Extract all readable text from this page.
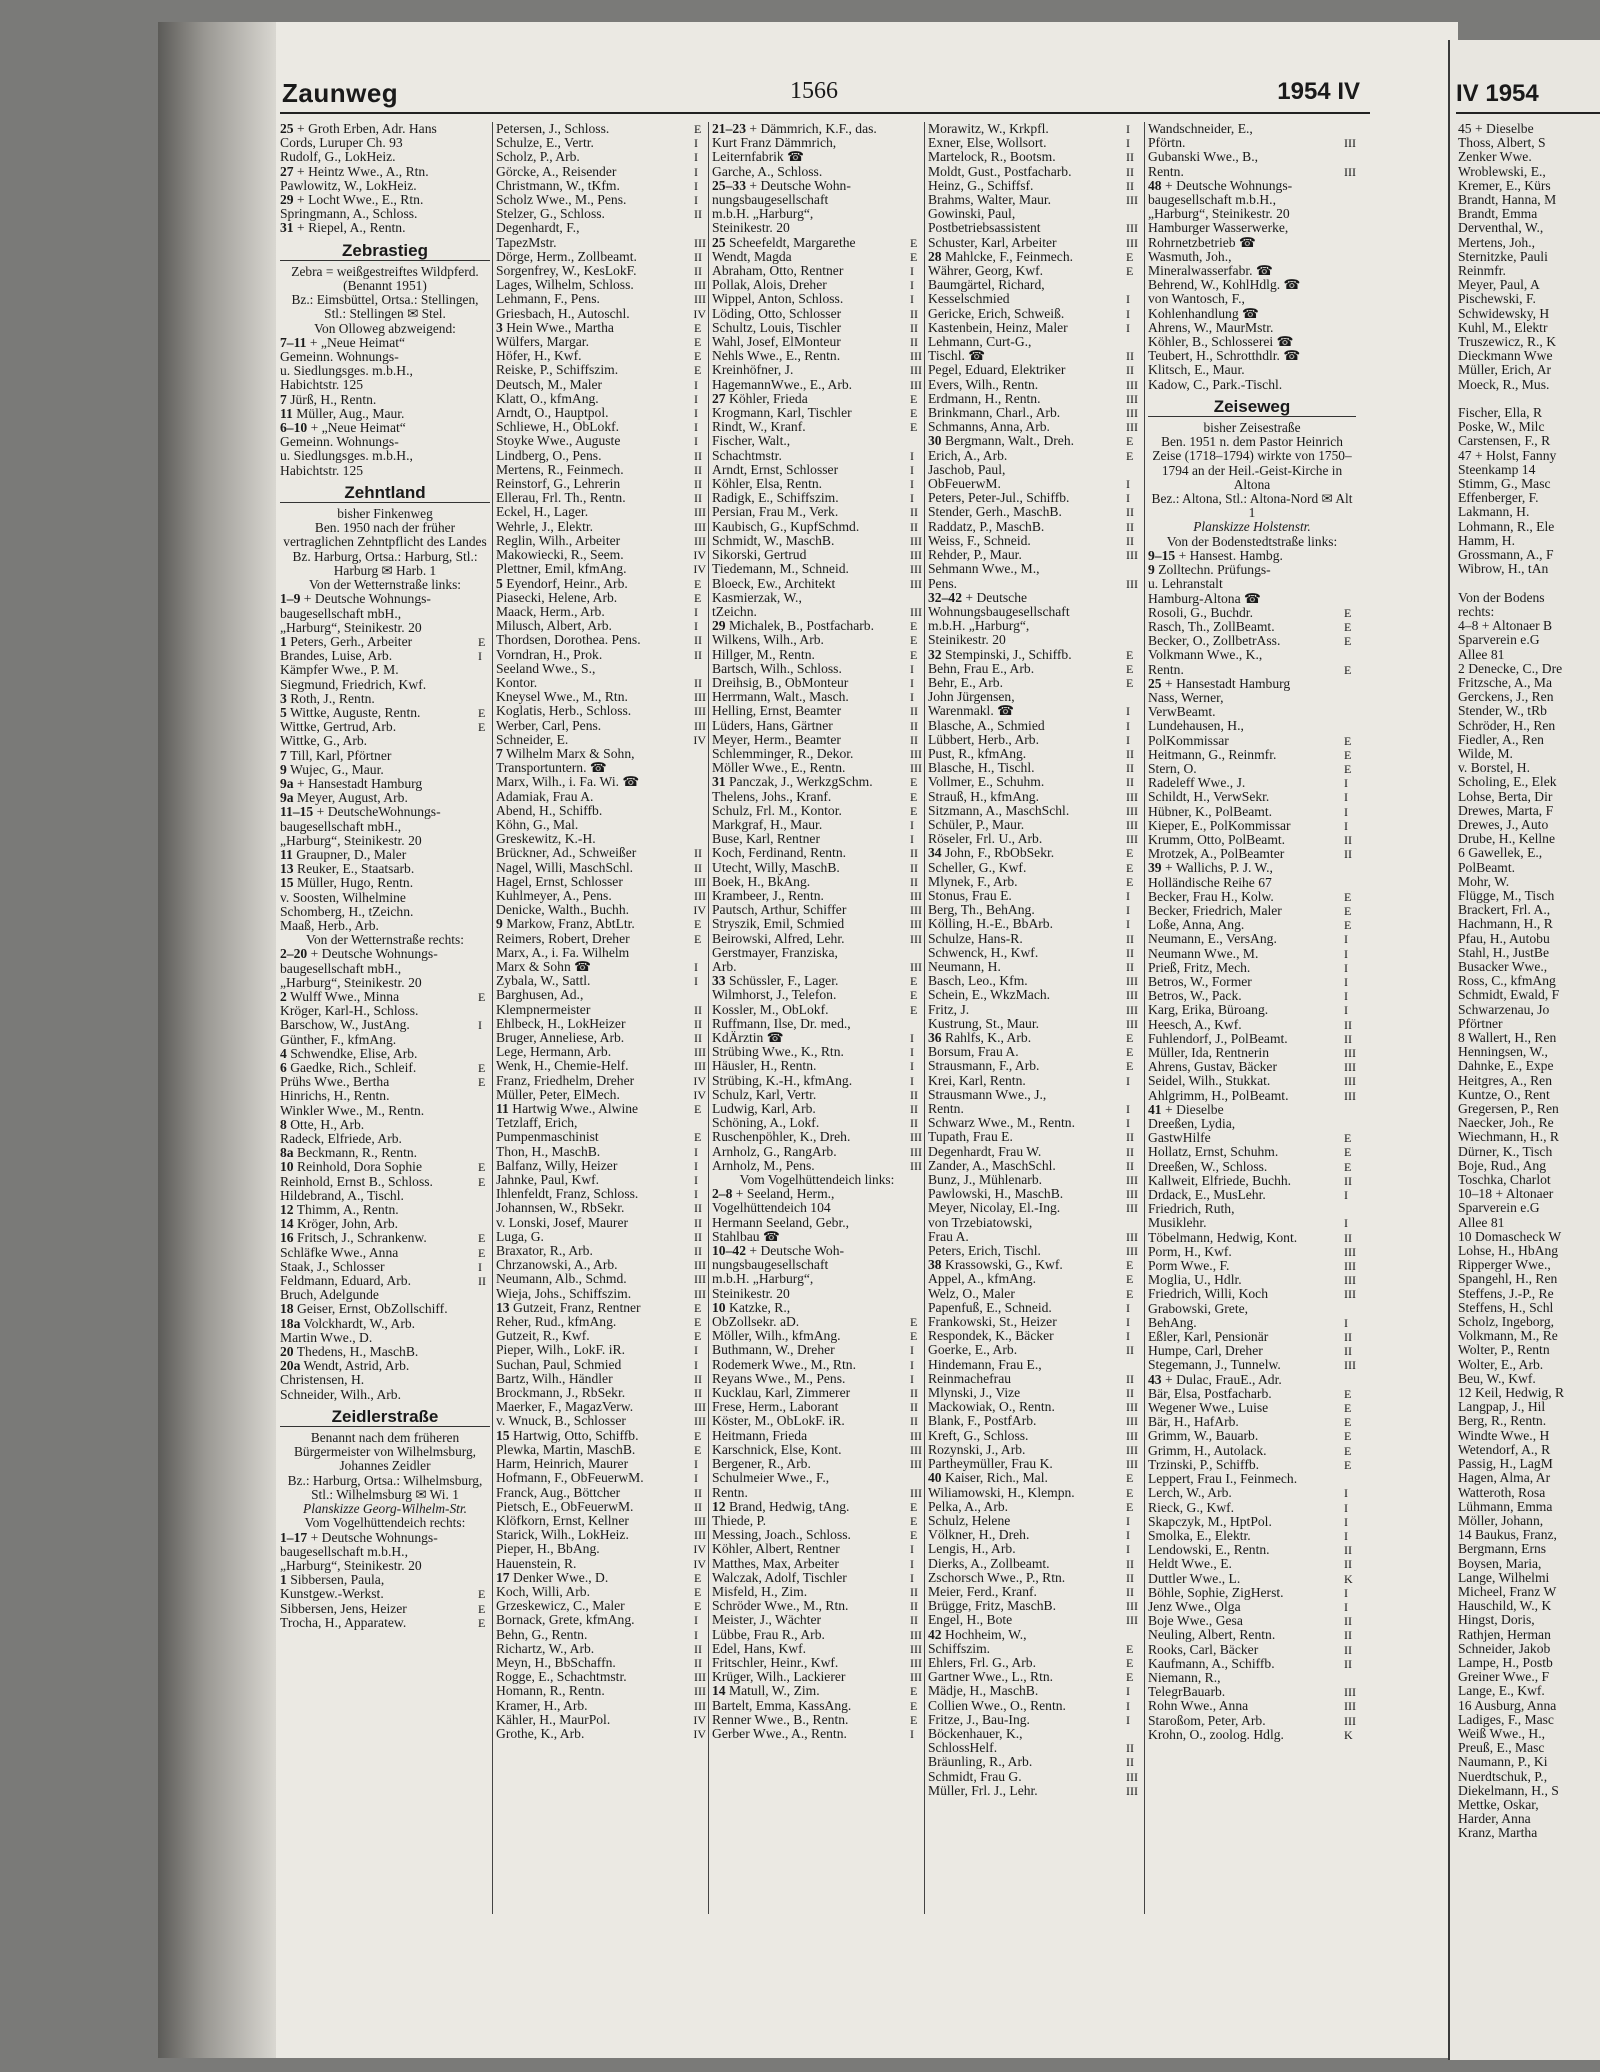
Zaunweg	1566	1954 IV
25 + Groth Erben, Adr. Hans
Cords, Luruper Ch. 93
Rudolf, G., LokHeiz.
27 + Heintz Wwe., A., Rtn.
Pawlowitz, W., LokHeiz.
29 + Locht Wwe., E., Rtn.
Springmann, A., Schloss.
31 + Riepel, A., Rentn.
Zebrastieg
Zebra = weißgestreiftes Wildpferd. (Benannt 1951)
Bz.: Eimsbüttel, Ortsa.: Stellingen, Stl.: Stellingen ✉ Stel.
Von Olloweg abzweigend:
7–11 + „Neue Heimat“
Gemeinn. Wohnungs-
u. Siedlungsges. m.b.H.,
Habichtstr. 125
7 Jürß, H., Rentn.
11 Müller, Aug., Maur.
6–10 + „Neue Heimat“
Gemeinn. Wohnungs-
u. Siedlungsges. m.b.H.,
Habichtstr. 125
Zehntland
bisher Finkenweg
Ben. 1950 nach der früher vertraglichen Zehntpflicht des Landes
Bz. Harburg, Ortsa.: Harburg, Stl.: Harburg ✉ Harb. 1
Von der Wetternstraße links:
1–9 + Deutsche Wohnungs-
baugesellschaft mbH.,
„Harburg“, Steinikestr. 20
1 Peters, Gerh., Arbeiter	E
Brandes, Luise, Arb.	I
Kämpfer Wwe., P. M.
Siegmund, Friedrich, Kwf.
3 Roth, J., Rentn.
5 Wittke, Auguste, Rentn.	E
Wittke, Gertrud, Arb.	E
Wittke, G., Arb.
7 Till, Karl, Pförtner
9 Wujec, G., Maur.
9a + Hansestadt Hamburg
9a Meyer, August, Arb.
11–15 + DeutscheWohnungs-
baugesellschaft mbH.,
„Harburg“, Steinikestr. 20
11 Graupner, D., Maler
13 Reuker, E., Staatsarb.
15 Müller, Hugo, Rentn.
v. Soosten, Wilhelmine
Schomberg, H., tZeichn.
Maaß, Herb., Arb.
Von der Wetternstraße rechts:
2–20 + Deutsche Wohnungs-
baugesellschaft mbH.,
„Harburg“, Steinikestr. 20
2 Wulff Wwe., Minna	E
Kröger, Karl-H., Schloss.
Barschow, W., JustAng.	I
Günther, F., kfmAng.
4 Schwendke, Elise, Arb.
6 Gaedke, Rich., Schleif.	E
Prühs Wwe., Bertha	E
Hinrichs, H., Rentn.
Winkler Wwe., M., Rentn.
8 Otte, H., Arb.
Radeck, Elfriede, Arb.
8a Beckmann, R., Rentn.
10 Reinhold, Dora Sophie	E
Reinhold, Ernst B., Schloss.	E
Hildebrand, A., Tischl.
12 Thimm, A., Rentn.
14 Kröger, John, Arb.
16 Fritsch, J., Schrankenw.	E
Schläfke Wwe., Anna	E
Staak, J., Schlosser	I
Feldmann, Eduard, Arb.	II
Bruch, Adelgunde
18 Geiser, Ernst, ObZollschiff.
18a Volckhardt, W., Arb.
Martin Wwe., D.
20 Thedens, H., MaschB.
20a Wendt, Astrid, Arb.
Christensen, H.
Schneider, Wilh., Arb.
Zeidlerstraße
Benannt nach dem früheren Bürgermeister von Wilhelmsburg, Johannes Zeidler
Bz.: Harburg, Ortsa.: Wilhelmsburg, Stl.: Wilhelmsburg ✉ Wi. 1
Planskizze Georg-Wilhelm-Str.
Vom Vogelhüttendeich rechts:
1–17 + Deutsche Wohnungs-
baugesellschaft m.b.H.,
„Harburg“, Steinikestr. 20
1 Sibbersen, Paula,
Kunstgew.-Werkst.	E
Sibbersen, Jens, Heizer	E
Trocha, H., Apparatew.	E
Petersen, J., Schloss.	E
Schulze, E., Vertr.	I
Scholz, P., Arb.	I
Görcke, A., Reisender	I
Christmann, W., tKfm.	I
Scholz Wwe., M., Pens.	I
Stelzer, G., Schloss.	II
Degenhardt, F.,
TapezMstr.	III
Dörge, Herm., Zollbeamt.	II
Sorgenfrey, W., KesLokF.	II
Lages, Wilhelm, Schloss.	III
Lehmann, F., Pens.	III
Griesbach, H., Autoschl.	IV
3 Hein Wwe., Martha	E
Wülfers, Margar.	E
Höfer, H., Kwf.	E
Reiske, P., Schiffszim.	E
Deutsch, M., Maler	I
Klatt, O., kfmAng.	I
Arndt, O., Hauptpol.	I
Schliewe, H., ObLokf.	I
Stoyke Wwe., Auguste	I
Lindberg, O., Pens.	II
Mertens, R., Feinmech.	II
Reinstorf, G., Lehrerin	II
Ellerau, Frl. Th., Rentn.	II
Eckel, H., Lager.	III
Wehrle, J., Elektr.	III
Reglin, Wilh., Arbeiter	III
Makowiecki, R., Seem.	IV
Plettner, Emil, kfmAng.	IV
5 Eyendorf, Heinr., Arb.	E
Piasecki, Helene, Arb.	E
Maack, Herm., Arb.	I
Milusch, Albert, Arb.	I
Thordsen, Dorothea. Pens.	II
Vorndran, H., Prok.	II
Seeland Wwe., S.,
Kontor.	II
Kneysel Wwe., M., Rtn.	III
Koglatis, Herb., Schloss.	III
Werber, Carl, Pens.	III
Schneider, E.	IV
7 Wilhelm Marx & Sohn,
Transportuntern. ☎
Marx, Wilh., i. Fa. Wi. ☎
Adamiak, Frau A.
Abend, H., Schiffb.
Köhn, G., Mal.
Greskewitz, K.-H.
Brückner, Ad., Schweißer	II
Nagel, Willi, MaschSchl.	II
Hagel, Ernst, Schlosser	III
Kuhlmeyer, A., Pens.	III
Denicke, Walth., Buchh.	IV
9 Markow, Franz, AbtLtr.	E
Reimers, Robert, Dreher	E
Marx, A., i. Fa. Wilhelm
Marx & Sohn ☎	I
Zybala, W., Sattl.	I
Barghusen, Ad.,
Klempnermeister	II
Ehlbeck, H., LokHeizer	II
Bruger, Anneliese, Arb.	II
Lege, Hermann, Arb.	III
Wenk, H., Chemie-Helf.	III
Franz, Friedhelm, Dreher	IV
Müller, Peter, ElMech.	IV
11 Hartwig Wwe., Alwine	E
Tetzlaff, Erich,
Pumpenmaschinist	E
Thon, H., MaschB.	I
Balfanz, Willy, Heizer	I
Jahnke, Paul, Kwf.	I
Ihlenfeldt, Franz, Schloss.	I
Johannsen, W., RbSekr.	II
v. Lonski, Josef, Maurer	II
Luga, G.	II
Braxator, R., Arb.	II
Chrzanowski, A., Arb.	III
Neumann, Alb., Schmd.	III
Wieja, Johs., Schiffszim.	III
13 Gutzeit, Franz, Rentner	E
Reher, Rud., kfmAng.	E
Gutzeit, R., Kwf.	E
Pieper, Wilh., LokF. iR.	I
Suchan, Paul, Schmied	I
Bartz, Wilh., Händler	II
Brockmann, J., RbSekr.	II
Maerker, F., MagazVerw.	III
v. Wnuck, B., Schlosser	III
15 Hartwig, Otto, Schiffb.	E
Plewka, Martin, MaschB.	E
Harm, Heinrich, Maurer	I
Hofmann, F., ObFeuerwM.	I
Franck, Aug., Böttcher	II
Pietsch, E., ObFeuerwM.	II
Klöfkorn, Ernst, Kellner	III
Starick, Wilh., LokHeiz.	III
Pieper, H., BbAng.	IV
Hauenstein, R.	IV
17 Denker Wwe., D.	E
Koch, Willi, Arb.	E
Grzeskewicz, C., Maler	E
Bornack, Grete, kfmAng.	I
Behn, G., Rentn.	I
Richartz, W., Arb.	II
Meyn, H., BbSchaffn.	II
Rogge, E., Schachtmstr.	III
Homann, R., Rentn.	III
Kramer, H., Arb.	III
Kähler, H., MaurPol.	IV
Grothe, K., Arb.	IV
21–23 + Dämmrich, K.F., das.
Kurt Franz Dämmrich,
Leiternfabrik ☎
Garche, A., Schloss.
25–33 + Deutsche Wohn-
nungsbaugesellschaft
m.b.H. „Harburg“,
Steinikestr. 20
25 Scheefeldt, Margarethe	E
Wendt, Magda	E
Abraham, Otto, Rentner	I
Pollak, Alois, Dreher	I
Wippel, Anton, Schloss.	I
Löding, Otto, Schlosser	II
Schultz, Louis, Tischler	II
Wahl, Josef, ElMonteur	II
Nehls Wwe., E., Rentn.	III
Kreinhöfner, J.	III
HagemannWwe., E., Arb.	III
27 Köhler, Frieda	E
Krogmann, Karl, Tischler	E
Rindt, W., Kranf.	E
Fischer, Walt.,
Schachtmstr.	I
Arndt, Ernst, Schlosser	I
Köhler, Elsa, Rentn.	I
Radigk, E., Schiffszim.	I
Persian, Frau M., Verk.	II
Kaubisch, G., KupfSchmd.	II
Schmidt, W., MaschB.	III
Sikorski, Gertrud	III
Tiedemann, M., Schneid.	III
Bloeck, Ew., Architekt	III
Kasmierzak, W.,
tZeichn.	III
29 Michalek, B., Postfacharb.	E
Wilkens, Wilh., Arb.	E
Hillger, M., Rentn.	E
Bartsch, Wilh., Schloss.	I
Dreihsig, B., ObMonteur	I
Herrmann, Walt., Masch.	I
Helling, Ernst, Beamter	II
Lüders, Hans, Gärtner	II
Meyer, Herm., Beamter	II
Schlemminger, R., Dekor.	III
Möller Wwe., E., Rentn.	III
31 Panczak, J., WerkzgSchm.	E
Thelens, Johs., Kranf.	E
Schulz, Frl. M., Kontor.	E
Markgraf, H., Maur.	I
Buse, Karl, Rentner	I
Koch, Ferdinand, Rentn.	II
Utecht, Willy, MaschB.	II
Boek, H., BkAng.	II
Krambeer, J., Rentn.	III
Pautsch, Arthur, Schiffer	III
Stryszik, Emil, Schmied	III
Beirowski, Alfred, Lehr.	III
Gerstmayer, Franziska,
Arb.	III
33 Schüssler, F., Lager.	E
Wilmhorst, J., Telefon.	E
Kossler, M., ObLokf.	E
Ruffmann, Ilse, Dr. med.,
KdÄrztin ☎	I
Strübing Wwe., K., Rtn.	I
Häusler, H., Rentn.	I
Strübing, K.-H., kfmAng.	I
Schulz, Karl, Vertr.	II
Ludwig, Karl, Arb.	II
Schöning, A., Lokf.	II
Ruschenpöhler, K., Dreh.	III
Arnholz, G., RangArb.	III
Arnholz, M., Pens.	III
Vom Vogelhüttendeich links:
2–8 + Seeland, Herm.,
Vogelhüttendeich 104
Hermann Seeland, Gebr.,
Stahlbau ☎
10–42 + Deutsche Woh-
nungsbaugesellschaft
m.b.H. „Harburg“,
Steinikestr. 20
10 Katzke, R.,
ObZollsekr. aD.	E
Möller, Wilh., kfmAng.	E
Buthmann, W., Dreher	I
Rodemerk Wwe., M., Rtn.	I
Reyans Wwe., M., Pens.	I
Kucklau, Karl, Zimmerer	II
Frese, Herm., Laborant	II
Köster, M., ObLokF. iR.	II
Heitmann, Frieda	III
Karschnick, Else, Kont.	III
Bergener, R., Arb.	III
Schulmeier Wwe., F.,
Rentn.	III
12 Brand, Hedwig, tAng.	E
Thiede, P.	E
Messing, Joach., Schloss.	E
Köhler, Albert, Rentner	I
Matthes, Max, Arbeiter	I
Walczak, Adolf, Tischler	I
Misfeld, H., Zim.	II
Schröder Wwe., M., Rtn.	II
Meister, J., Wächter	II
Lübbe, Frau R., Arb.	III
Edel, Hans, Kwf.	III
Fritschler, Heinr., Kwf.	III
Krüger, Wilh., Lackierer	III
14 Matull, W., Zim.	E
Bartelt, Emma, KassAng.	E
Renner Wwe., B., Rentn.	E
Gerber Wwe., A., Rentn.	I
Morawitz, W., Krkpfl.	I
Exner, Else, Wollsort.	I
Martelock, R., Bootsm.	II
Moldt, Gust., Postfacharb.	II
Heinz, G., Schiffsf.	II
Brahms, Walter, Maur.	III
Gowinski, Paul,
Postbetriebsassistent	III
Schuster, Karl, Arbeiter	III
28 Mahlcke, F., Feinmech.	E
Währer, Georg, Kwf.	E
Baumgärtel, Richard,
Kesselschmied	I
Gericke, Erich, Schweiß.	I
Kastenbein, Heinz, Maler	I
Lehmann, Curt-G.,
Tischl. ☎	II
Pegel, Eduard, Elektriker	II
Evers, Wilh., Rentn.	III
Erdmann, H., Rentn.	III
Brinkmann, Charl., Arb.	III
Schmanns, Anna, Arb.	III
30 Bergmann, Walt., Dreh.	E
Erich, A., Arb.	E
Jaschob, Paul,
ObFeuerwM.	I
Peters, Peter-Jul., Schiffb.	I
Stender, Gerh., MaschB.	II
Raddatz, P., MaschB.	II
Weiss, F., Schneid.	II
Rehder, P., Maur.	III
Sehmann Wwe., M.,
Pens.	III
32–42 + Deutsche
Wohnungsbaugesellschaft
m.b.H. „Harburg“,
Steinikestr. 20
32 Stempinski, J., Schiffb.	E
Behn, Frau E., Arb.	E
Behr, E., Arb.	E
John Jürgensen,
Warenmakl. ☎	I
Blasche, A., Schmied	I
Lübbert, Herb., Arb.	I
Pust, R., kfmAng.	II
Blasche, H., Tischl.	II
Vollmer, E., Schuhm.	II
Strauß, H., kfmAng.	III
Sitzmann, A., MaschSchl.	III
Schüler, P., Maur.	III
Röseler, Frl. U., Arb.	III
34 John, F., RbObSekr.	E
Scheller, G., Kwf.	E
Mlynek, F., Arb.	E
Stonus, Frau E.	I
Berg, Th., BehAng.	I
Kölling, H.-E., BbArb.	I
Schulze, Hans-R.	II
Schwenck, H., Kwf.	II
Neumann, H.	II
Basch, Leo., Kfm.	III
Schein, E., WkzMach.	III
Fritz, J.	III
Kustrung, St., Maur.	III
36 Rahlfs, K., Arb.	E
Borsum, Frau A.	E
Strausmann, F., Arb.	E
Krei, Karl, Rentn.	I
Strausmann Wwe., J.,
Rentn.	I
Schwarz Wwe., M., Rentn.	I
Tupath, Frau E.	II
Degenhardt, Frau W.	II
Zander, A., MaschSchl.	II
Bunz, J., Mühlenarb.	III
Pawlowski, H., MaschB.	III
Meyer, Nicolay, El.-Ing.	III
von Trzebiatowski,
Frau A.	III
Peters, Erich, Tischl.	III
38 Krassowski, G., Kwf.	E
Appel, A., kfmAng.	E
Welz, O., Maler	E
Papenfuß, E., Schneid.	I
Frankowski, St., Heizer	I
Respondek, K., Bäcker	I
Goerke, E., Arb.	II
Hindemann, Frau E.,
Reinmachefrau	II
Mlynski, J., Vize	II
Mackowiak, O., Rentn.	III
Blank, F., PostfArb.	III
Kreft, G., Schloss.	III
Rozynski, J., Arb.	III
Partheymüller, Frau K.	III
40 Kaiser, Rich., Mal.	E
Wiliamowski, H., Klempn.	E
Pelka, A., Arb.	E
Schulz, Helene	I
Völkner, H., Dreh.	I
Lengis, H., Arb.	I
Dierks, A., Zollbeamt.	II
Zschorsch Wwe., P., Rtn.	II
Meier, Ferd., Kranf.	II
Brügge, Fritz, MaschB.	III
Engel, H., Bote	III
42 Hochheim, W.,
Schiffszim.	E
Ehlers, Frl. G., Arb.	E
Gartner Wwe., L., Rtn.	E
Mädje, H., MaschB.	I
Collien Wwe., O., Rentn.	I
Fritze, J., Bau-Ing.	I
Böckenhauer, K.,
SchlossHelf.	II
Bräunling, R., Arb.	II
Schmidt, Frau G.	III
Müller, Frl. J., Lehr.	III
Wandschneider, E.,
Pförtn.	III
Gubanski Wwe., B.,
Rentn.	III
48 + Deutsche Wohnungs-
baugesellschaft m.b.H.,
„Harburg“, Steinikestr. 20
Hamburger Wasserwerke,
Rohrnetzbetrieb ☎
Wasmuth, Joh.,
Mineralwasserfabr. ☎
Behrend, W., KohlHdlg. ☎
von Wantosch, F.,
Kohlenhandlung ☎
Ahrens, W., MaurMstr.
Köhler, B., Schlosserei ☎
Teubert, H., Schrotthdlr. ☎
Klitsch, E., Maur.
Kadow, C., Park.-Tischl.
Zeiseweg
bisher Zeisestraße
Ben. 1951 n. dem Pastor Heinrich Zeise (1718–1794) wirkte von 1750–1794 an der Heil.-Geist-Kirche in Altona
Bez.: Altona, Stl.: Altona-Nord ✉ Alt 1
Planskizze Holstenstr.
Von der Bodenstedtstraße links:
9–15 + Hansest. Hambg.
9 Zolltechn. Prüfungs-
u. Lehranstalt
Hamburg-Altona ☎
Rosoli, G., Buchdr.	E
Rasch, Th., ZollBeamt.	E
Becker, O., ZollbetrAss.	E
Volkmann Wwe., K.,
Rentn.	E
25 + Hansestadt Hamburg
Nass, Werner,
VerwBeamt.
Lundehausen, H.,
PolKommissar	E
Heitmann, G., Reinmfr.	E
Stern, O.	E
Radeleff Wwe., J.	I
Schildt, H., VerwSekr.	I
Hübner, K., PolBeamt.	I
Kieper, E., PolKommissar	I
Krumm, Otto, PolBeamt.	II
Mrotzek, A., PolBeamter	II
39 + Wallichs, P. J. W.,
Holländische Reihe 67
Becker, Frau H., Kolw.	E
Becker, Friedrich, Maler	E
Loße, Anna, Ang.	E
Neumann, E., VersAng.	I
Neumann Wwe., M.	I
Prieß, Fritz, Mech.	I
Betros, W., Former	I
Betros, W., Pack.	I
Karg, Erika, Büroang.	I
Heesch, A., Kwf.	II
Fuhlendorf, J., PolBeamt.	II
Müller, Ida, Rentnerin	III
Ahrens, Gustav, Bäcker	III
Seidel, Wilh., Stukkat.	III
Ahlgrimm, H., PolBeamt.	III
41 + Dieselbe
Dreeßen, Lydia,
GastwHilfe	E
Hollatz, Ernst, Schuhm.	E
Dreeßen, W., Schloss.	E
Kallweit, Elfriede, Buchh.	II
Drdack, E., MusLehr.	I
Friedrich, Ruth,
Musiklehr.	I
Töbelmann, Hedwig, Kont.	II
Porm, H., Kwf.	III
Porm Wwe., F.	III
Moglia, U., Hdlr.	III
Friedrich, Willi, Koch	III
Grabowski, Grete,
BehAng.	I
Eßler, Karl, Pensionär	II
Humpe, Carl, Dreher	II
Stegemann, J., Tunnelw.	III
43 + Dulac, FrauE., Adr.
Bär, Elsa, Postfacharb.	E
Wegener Wwe., Luise	E
Bär, H., HafArb.	E
Grimm, W., Bauarb.	E
Grimm, H., Autolack.	E
Trzinski, P., Schiffb.	E
Leppert, Frau I., Feinmech.
Lerch, W., Arb.	I
Rieck, G., Kwf.	I
Skapczyk, M., HptPol.	I
Smolka, E., Elektr.	I
Lendowski, E., Rentn.	II
Heldt Wwe., E.	II
Duttler Wwe., L.	K
Böhle, Sophie, ZigHerst.	I
Jenz Wwe., Olga	I
Boje Wwe., Gesa	II
Neuling, Albert, Rentn.	II
Rooks, Carl, Bäcker	II
Kaufmann, A., Schiffb.	II
Niemann, R.,
TelegrBauarb.	III
Rohn Wwe., Anna	III
Staroßom, Peter, Arb.	III
Krohn, O., zoolog. Hdlg.	K
IV 1954
45 + Dieselbe
Thoss, Albert, S
Zenker Wwe.
Wroblewski, E.,
Kremer, E., Kürs
Brandt, Hanna, M
Brandt, Emma
Derventhal, W.,
Mertens, Joh.,
Sternitzke, Pauli
Reinmfr.
Meyer, Paul, A
Pischewski, F.
Schwidewsky, H
Kuhl, M., Elektr
Truszewicz, R., K
Dieckmann Wwe
Müller, Erich, Ar
Moeck, R., Mus.

Fischer, Ella, R
Poske, W., Milc
Carstensen, F., R
47 + Holst, Fanny
Steenkamp 14
Stimm, G., Masc
Effenberger, F.
Lakmann, H.
Lohmann, R., Ele
Hamm, H.
Grossmann, A., F
Wibrow, H., tAn

Von der Bodens
rechts:
4–8 + Altonaer B
Sparverein e.G
Allee 81
2 Denecke, C., Dre
Fritzsche, A., Ma
Gerckens, J., Ren
Stender, W., tRb
Schröder, H., Ren
Fiedler, A., Ren
Wilde, M.
v. Borstel, H.
Scholing, E., Elek
Lohse, Berta, Dir
Drewes, Marta, F
Drewes, J., Auto
Drube, H., Kellne
6 Gawellek, E.,
PolBeamt.
Mohr, W.
Flügge, M., Tisch
Brackert, Frl. A.,
Hachmann, H., R
Pfau, H., Autobu
Stahl, H., JustBe
Busacker Wwe.,
Ross, C., kfmAng
Schmidt, Ewald, F
Schwarzenau, Jo
Pförtner
8 Wallert, H., Ren
Henningsen, W.,
Dahnke, E., Expe
Heitgres, A., Ren
Kuntze, O., Rent
Gregersen, P., Ren
Naecker, Joh., Re
Wiechmann, H., R
Dürner, K., Tisch
Boje, Rud., Ang
Toschka, Charlot
10–18 + Altonaer
Sparverein e.G
Allee 81
10 Domascheck W
Lohse, H., HbAng
Ripperger Wwe.,
Spangehl, H., Ren
Steffens, J.-P., Re
Steffens, H., Schl
Scholz, Ingeborg,
Volkmann, M., Re
Wolter, P., Rentn
Wolter, E., Arb.
Beu, W., Kwf.
12 Keil, Hedwig, R
Langpap, J., Hil
Berg, R., Rentn.
Windte Wwe., H
Wetendorf, A., R
Passig, H., LagM
Hagen, Alma, Ar
Watteroth, Rosa
Lühmann, Emma
Möller, Johann,
14 Baukus, Franz,
Bergmann, Erns
Boysen, Maria,
Lange, Wilhelmi
Micheel, Franz W
Hauschild, W., K
Hingst, Doris,
Rathjen, Herman
Schneider, Jakob
Lampe, H., Postb
Greiner Wwe., F
Lange, E., Kwf.
16 Ausburg, Anna
Ladiges, F., Masc
Weiß Wwe., H.,
Preuß, E., Masc
Naumann, P., Ki
Nuerdtschuk, P.,
Diekelmann, H., S
Mettke, Oskar,
Harder, Anna
Kranz, Martha
